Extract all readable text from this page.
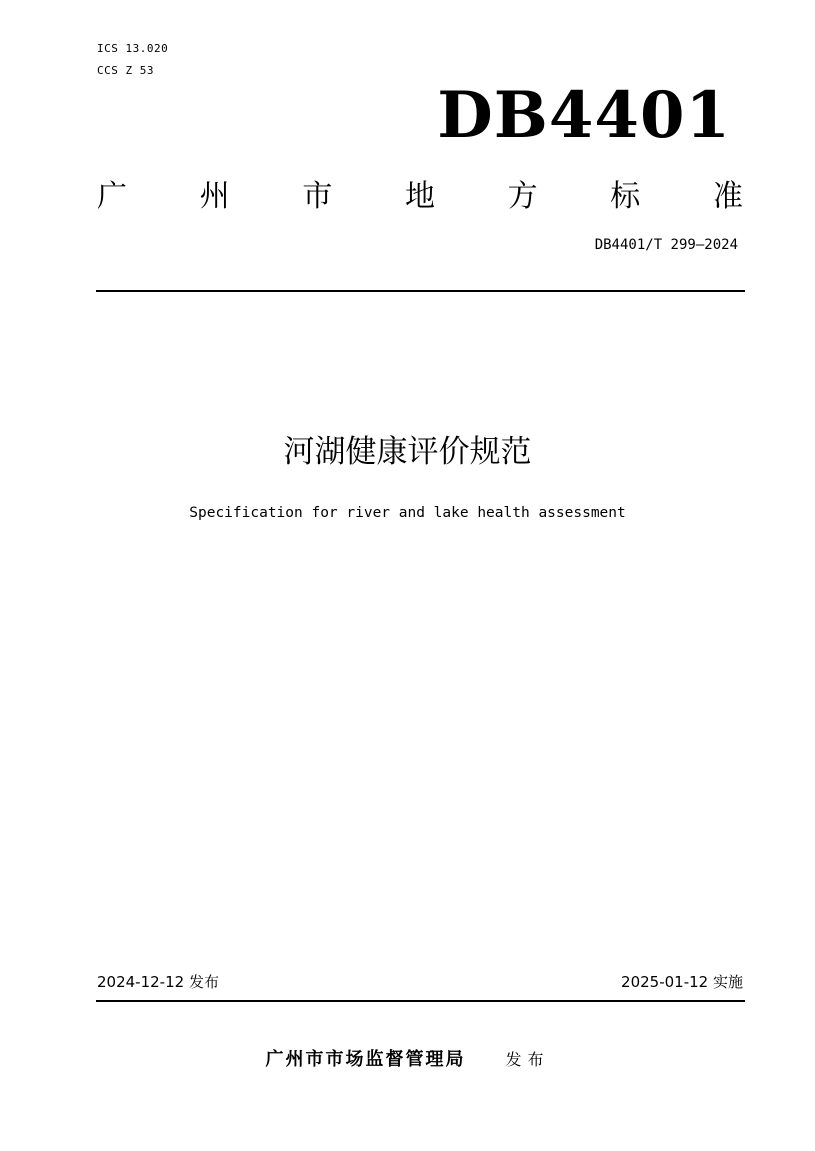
ICS 13.020
CCS Z 53
DB4401
广 州 市 地 方 标 准
DB4401/T 299—2024
河湖健康评价规范
Specification for river and lake health assessment
2024-12-12 发布	2025-01-12 实施
广州市市场监督管理局	发布
